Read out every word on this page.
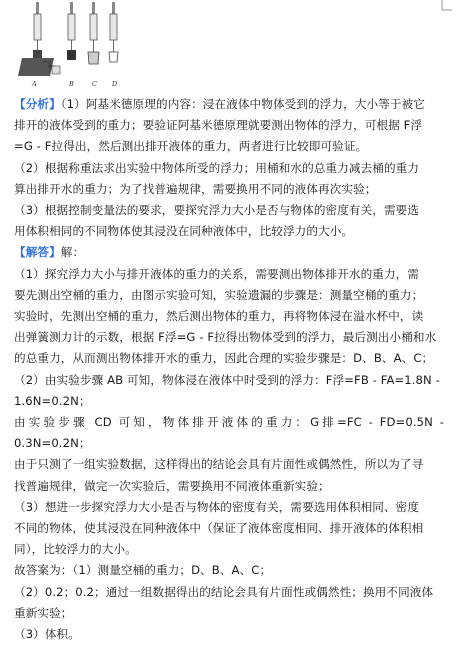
A	B	C D

【分析】（1）阿基米德原理的内容：浸在液体中物体受到的浮力，大小等于被它

排开的液体受到的重力；要验证阿基米德原理就要测出物体的浮力，可根据 F浮

=G - F拉得出，然后测出排开液体的重力，两者进行比较即可验证。

（2）根据称重法求出实验中物体所受的浮力；用桶和水的总重力减去桶的重力

算出排开水的重力；为了找普遍规律，需要换用不同的液体再次实验；

（3）根据控制变量法的要求，要探究浮力大小是否与物体的密度有关，需要选

用体积相同的不同物体使其浸没在同种液体中，比较浮力的大小。

【解答】解：

（1）探究浮力大小与排开液体的重力的关系，需要测出物体排开水的重力，需

要先测出空桶的重力，由图示实验可知，实验遗漏的步骤是：测量空桶的重力；

实验时，先测出空桶的重力，然后测出物体的重力，再将物体浸在溢水杯中，读

出弹簧测力计的示数，根据 F浮=G - F拉得出物体受到的浮力，最后测出小桶和水

的总重力，从而测出物体排开水的重力，因此合理的实验步骤是：D、B、A、C；

（2）由实验步骤 AB 可知，物体浸在液体中时受到的浮力：F浮=FB - FA=1.8N -

1.6N=0.2N；

由实验步骤 CD 可知，物体排开液体的重力：G排=FC - FD=0.5N - 0.3N=0.2N；

由于只测了一组实验数据，这样得出的结论会具有片面性或偶然性，所以为了寻

找普遍规律，做完一次实验后，需要换用不同液体重新实验；

（3）想进一步探究浮力大小是否与物体的密度有关，需要选用体积相同、密度

不同的物体，使其浸没在同种液体中（保证了液体密度相同、排开液体的体积相

同），比较浮力的大小。

故答案为：（1）测量空桶的重力；D、B、A、C；

（2）0.2；0.2；通过一组数据得出的结论会具有片面性或偶然性；换用不同液体

重新实验；

（3）体积。
